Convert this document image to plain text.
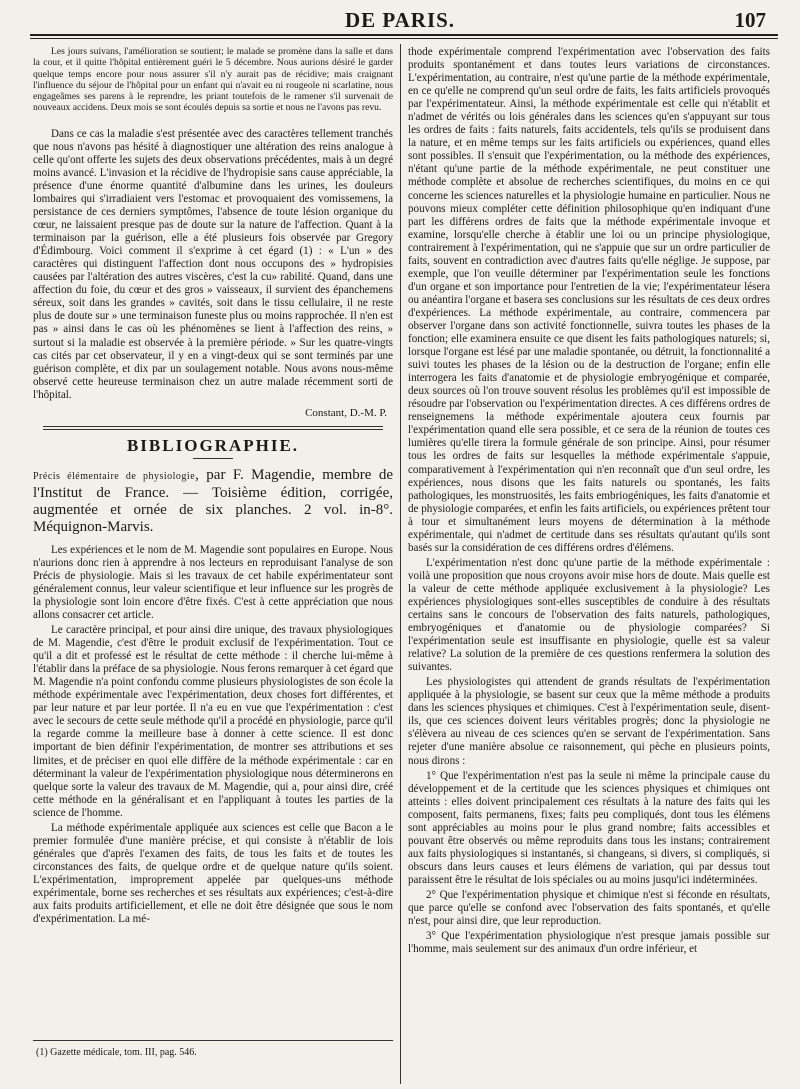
DE PARIS.	107

Les jours suivans, l'amélioration se soutient; le malade se promène dans la salle et dans la cour, et il quitte l'hôpital entièrement guéri le 5 décembre. Nous aurions désiré le garder quelque temps encore pour nous assurer s'il n'y aurait pas de récidive; mais craignant l'influence du séjour de l'hôpital pour un enfant qui n'avait eu ni rougeole ni scarlatine, nous engageâmes ses parens à le reprendre, les priant toutefois de le ramener s'il survenait de nouveaux accidens. Deux mois se sont écoulés depuis sa sortie et nous ne l'avons pas revu.

Dans ce cas la maladie s'est présentée avec des caractères tellement tranchés que nous n'avons pas hésité à diagnostiquer une altération des reins analogue à celle qu'ont offerte les sujets des deux observations précédentes, mais à un degré moins avancé. L'invasion et la récidive de l'hydropisie sans cause appréciable, la présence d'une énorme quantité d'albumine dans les urines, les douleurs lombaires qui s'irradiaient vers l'estomac et provoquaient des vomissemens, la persistance de ces derniers symptômes, l'absence de toute lésion organique du cœur, ne laissaient presque pas de doute sur la nature de l'affection. Quant à la terminaison par la guérison, elle a été plusieurs fois observée par Gregory d'Édimbourg. Voici comment il s'exprime à cet égard (1) : « L'un » des caractères qui distinguent l'affection dont nous occupons des » hydropisies causées par l'altération des autres viscères, c'est la cu» rabilité. Quand, dans une affection du foie, du cœur et des gros » vaisseaux, il survient des épanchemens séreux, soit dans les grandes » cavités, soit dans le tissu cellulaire, il ne reste plus de doute sur » une terminaison funeste plus ou moins rapprochée. Il n'en est pas » ainsi dans le cas où les phénomènes se lient à l'affection des reins, » surtout si la maladie est observée à la première période. » Sur les quatre-vingts cas cités par cet observateur, il y en a vingt-deux qui se sont terminés par une guérison complète, et dix par un soulagement notable. Nous avons nous-même observé cette heureuse terminaison chez un autre malade récemment sorti de l'hôpital.

Constant, D.-M. P.
BIBLIOGRAPHIE.

Précis élémentaire de physiologie, par F. Magendie, membre de l'Institut de France. — Toisième édition, corrigée, augmentée et ornée de six planches. 2 vol. in-8°. Méquignon-Marvis.

Les expériences et le nom de M. Magendie sont populaires en Europe. Nous n'aurions donc rien à apprendre à nos lecteurs en reproduisant l'analyse de son Précis de physiologie. Mais si les travaux de cet habile expérimentateur sont généralement connus, leur valeur scientifique et leur influence sur les progrès de la physiologie sont loin encore d'être fixés. C'est à cette appréciation que nous allons consacrer cet article.

Le caractère principal, et pour ainsi dire unique, des travaux physiologiques de M. Magendie, c'est d'être le produit exclusif de l'expérimentation. Tout ce qu'il a dit et professé est le résultat de cette méthode : il cherche lui-même à l'établir dans la préface de sa physiologie. Nous ferons remarquer à cet égard que M. Magendie n'a point confondu comme plusieurs physiologistes de son école la méthode expérimentale avec l'expérimentation, deux choses fort différentes, et par leur nature et par leur portée. Il n'a eu en vue que l'expérimentation : c'est avec le secours de cette seule méthode qu'il a procédé en physiologie, parce qu'il la regarde comme la meilleure base à donner à cette science. Il est donc important de bien définir l'expérimentation, de montrer ses attributions et ses limites, et de préciser en quoi elle diffère de la méthode expérimentale : car en déterminant la valeur de l'expérimentation physiologique nous déterminerons en quelque sorte la valeur des travaux de M. Magendie, qui a, pour ainsi dire, créé cette méthode en la généralisant et en l'appliquant à toutes les parties de la science de l'homme.

La méthode expérimentale appliquée aux sciences est celle que Bacon a le premier formulée d'une manière précise, et qui consiste à n'établir de lois générales que d'après l'examen des faits, de tous les faits et de toutes les circonstances des faits, de quelque ordre et de quelque nature qu'ils soient. L'expérimentation, improprement appelée par quelques-uns méthode expérimentale, borne ses recherches et ses résultats aux expériences; c'est-à-dire aux faits produits artificiellement, et elle ne doit être désignée que sous le nom d'expérimentation. La mé-

(1) Gazette médicale, tom. III, pag. 546.

thode expérimentale comprend l'expérimentation avec l'observation des faits produits spontanément et dans toutes leurs variations de circonstances. L'expérimentation, au contraire, n'est qu'une partie de la méthode expérimentale, en ce qu'elle ne comprend qu'un seul ordre de faits, les faits artificiels provoqués par l'expérimentateur. Ainsi, la méthode expérimentale est celle qui n'établit et n'admet de vérités ou lois générales dans les sciences qu'en s'appuyant sur tous les ordres de faits : faits naturels, faits accidentels, tels qu'ils se produisent dans la nature, et en même temps sur les faits artificiels ou expériences, quand elles sont possibles. Il s'ensuit que l'expérimentation, ou la méthode des expériences, n'étant qu'une partie de la méthode expérimentale, ne peut constituer une méthode complète et absolue de recherches scientifiques, du moins en ce qui concerne les sciences naturelles et la physiologie humaine en particulier. Nous ne pouvons mieux compléter cette définition philosophique qu'en indiquant d'une part les différens ordres de faits que la méthode expérimentale invoque et examine, lorsqu'elle cherche à établir une loi ou un principe physiologique, contrairement à l'expérimentation, qui ne s'appuie que sur un ordre particulier de faits, souvent en contradiction avec d'autres faits qu'elle néglige. Je suppose, par exemple, que l'on veuille déterminer par l'expérimentation seule les fonctions d'un organe et son importance pour l'entretien de la vie; l'expérimentateur lésera ou anéantira l'organe et basera ses conclusions sur les résultats de ces deux ordres d'expériences. La méthode expérimentale, au contraire, commencera par observer l'organe dans son activité fonctionnelle, suivra toutes les phases de la fonction; elle examinera ensuite ce que disent les faits pathologiques naturels; si, lorsque l'organe est lésé par une maladie spontanée, ou détruit, la fonctionnalité a suivi toutes les phases de la lésion ou de la destruction de l'organe; enfin elle interrogera les faits d'anatomie et de physiologie embryogénique et comparée, deux sources où l'on trouve souvent résolus les problèmes qu'il est impossible de résoudre par l'observation ou l'expérimentation directes. A ces différens ordres de renseignemens la méthode expérimentale ajoutera ceux fournis par l'expérimentation quand elle sera possible, et ce sera de la réunion de toutes ces lumières qu'elle tirera la formule générale de son principe. Ainsi, pour résumer tous les ordres de faits sur lesquelles la méthode expérimentale s'appuie, comparativement à l'expérimentation qui n'en reconnaît que d'un seul ordre, les expériences, nous disons que les faits naturels ou spontanés, les faits pathologiques, les monstruosités, les faits embriogéniques, les faits d'anatomie et de physiologie comparées, et enfin les faits artificiels, ou expériences prêtent tour à tour et simultanément leurs moyens de détermination à la méthode expérimentale, qui n'admet de certitude dans ses résultats qu'autant qu'ils sont basés sur la considération de ces différens ordres d'élémens.

L'expérimentation n'est donc qu'une partie de la méthode expérimentale : voilà une proposition que nous croyons avoir mise hors de doute. Mais quelle est la valeur de cette méthode appliquée exclusivement à la physiologie? Les expériences physiologiques sont-elles susceptibles de conduire à des résultats certains sans le concours de l'observation des faits naturels, pathologiques, embryogéniques et d'anatomie ou de physiologie comparées? Si l'expérimentation seule est insuffisante en physiologie, quelle est sa valeur relative? La solution de la première de ces questions renfermera la solution des suivantes.

Les physiologistes qui attendent de grands résultats de l'expérimentation appliquée à la physiologie, se basent sur ceux que la même méthode a produits dans les sciences physiques et chimiques. C'est à l'expérimentation seule, disent-ils, que ces sciences doivent leurs véritables progrès; donc la physiologie ne s'élèvera au niveau de ces sciences qu'en se servant de l'expérimentation. Sans rejeter d'une manière absolue ce raisonnement, qui pèche en plusieurs points, nous dirons :

1° Que l'expérimentation n'est pas la seule ni même la principale cause du développement et de la certitude que les sciences physiques et chimiques ont atteints : elles doivent principalement ces résultats à la nature des faits qui les composent, faits permanens, fixes; faits peu compliqués, dont tous les élémens sont appréciables au moins pour le plus grand nombre; faits accessibles et pouvant être observés ou même reproduits dans tous les instans; contrairement aux faits physiologiques si instantanés, si changeans, si divers, si compliqués, si obscurs dans leurs causes et leurs élémens de variation, qui par dessus tout paraissent être le résultat de lois spéciales ou au moins jusqu'ici indéterminées.

2° Que l'expérimentation physique et chimique n'est si féconde en résultats, que parce qu'elle se confond avec l'observation des faits spontanés, et qu'elle n'est, pour ainsi dire, que leur reproduction.

3° Que l'expérimentation physiologique n'est presque jamais possible sur l'homme, mais seulement sur des animaux d'un ordre inférieur, et
